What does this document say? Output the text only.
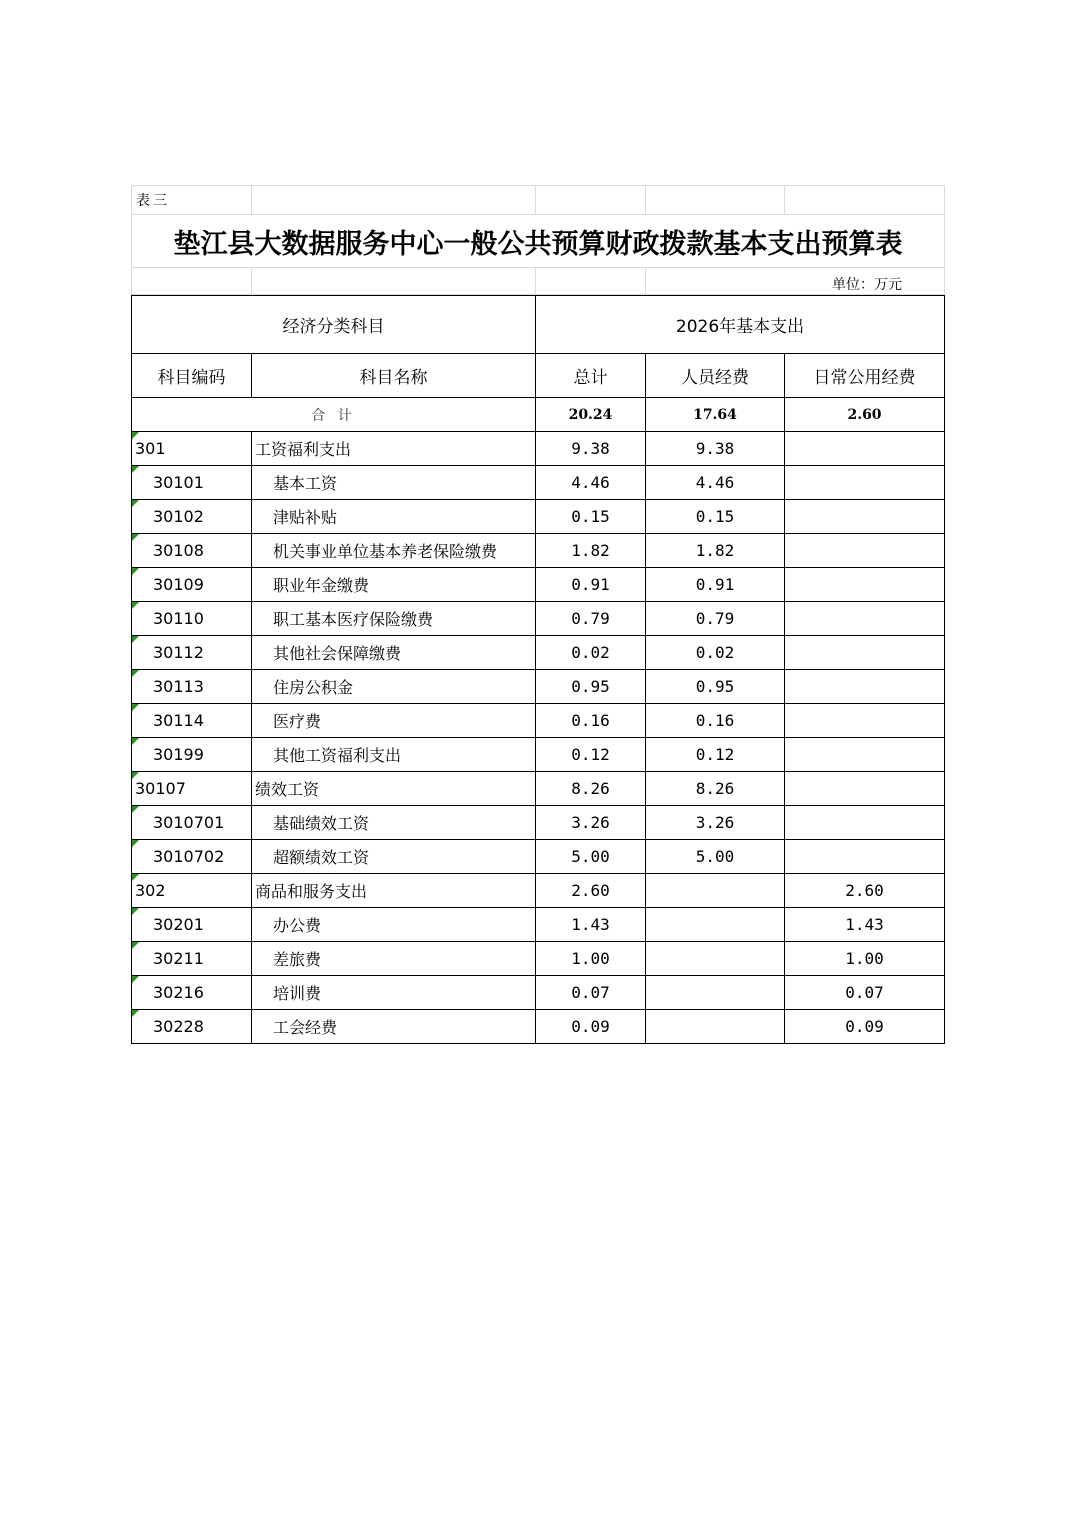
表三				
垫江县大数据服务中心一般公共预算财政拨款基本支出预算表				
			单位：万元	
经济分类科目		2026年基本支出		
科目编码	科目名称	总计	人员经费	日常公用经费
合 计		20.24	17.64	2.60

301	工资福利支出	9.38	9.38	

30101	基本工资	4.46	4.46	

30102	津贴补贴	0.15	0.15	

30108	机关事业单位基本养老保险缴费	1.82	1.82	

30109	职业年金缴费	0.91	0.91	

30110	职工基本医疗保险缴费	0.79	0.79	

30112	其他社会保障缴费	0.02	0.02	

30113	住房公积金	0.95	0.95	

30114	医疗费	0.16	0.16	

30199	其他工资福利支出	0.12	0.12	

30107	绩效工资	8.26	8.26	

3010701	基础绩效工资	3.26	3.26	

3010702	超额绩效工资	5.00	5.00	

302	商品和服务支出	2.60		2.60

30201	办公费	1.43		1.43

30211	差旅费	1.00		1.00

30216	培训费	0.07		0.07

30228	工会经费	0.09		0.09
